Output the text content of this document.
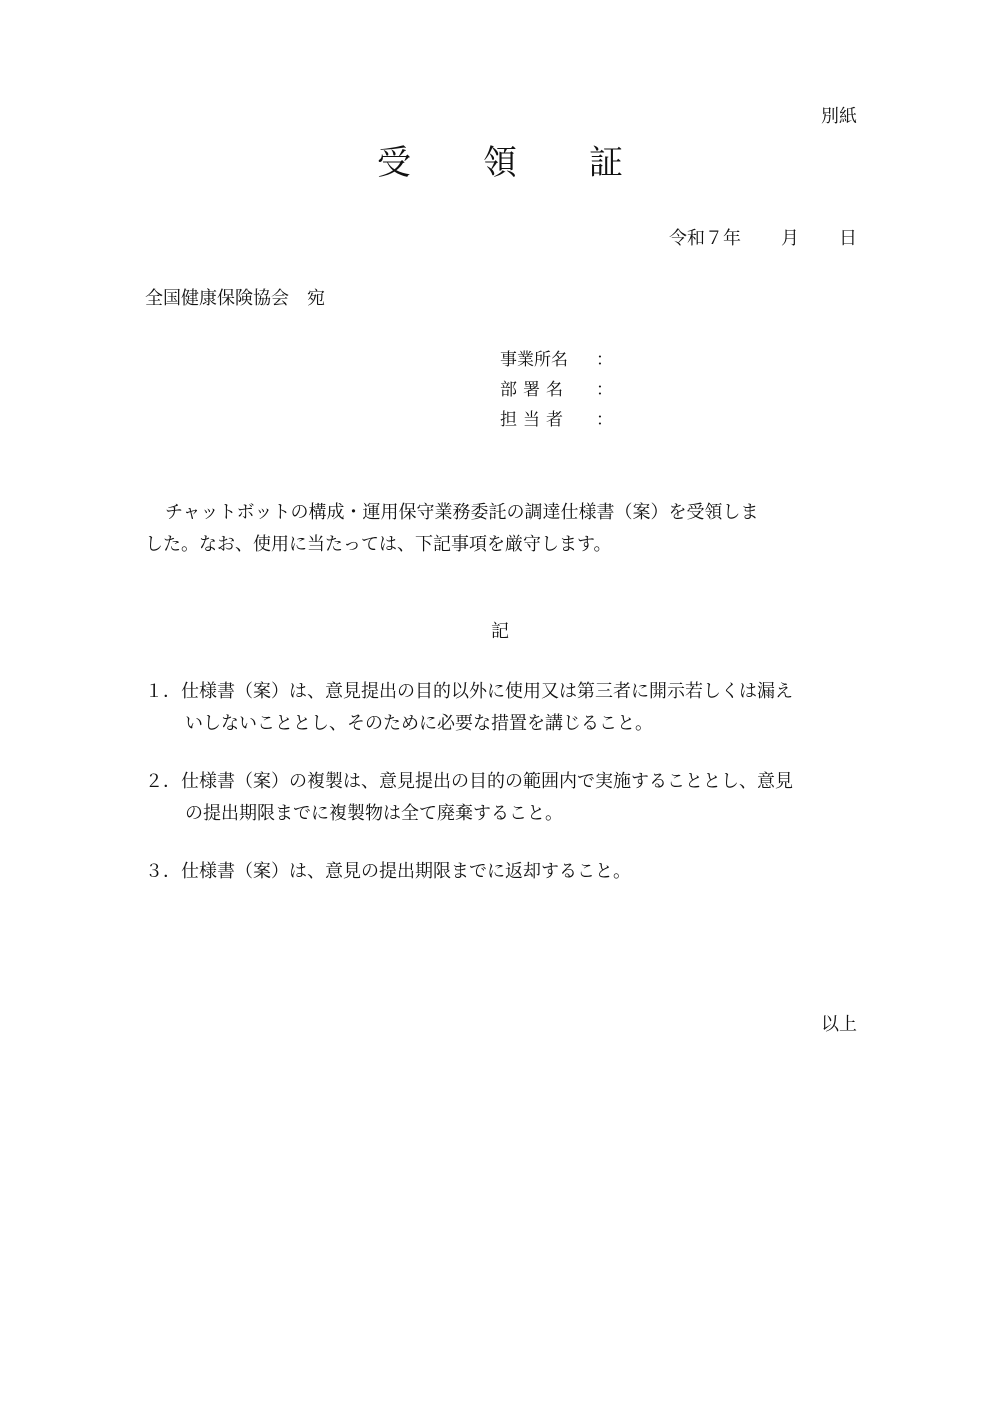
別紙
受 領 証
令和７年 月 日
全国健康保険協会　宛
事業所名	：
部署名	：
担当者	：
チャットボットの構成・運用保守業務委託の調達仕様書（案）を受領しま
した。なお、使用に当たっては、下記事項を厳守します。
記
１．仕様書（案）は、意見提出の目的以外に使用又は第三者に開示若しくは漏え
いしないこととし、そのために必要な措置を講じること。
２．仕様書（案）の複製は、意見提出の目的の範囲内で実施することとし、意見
の提出期限までに複製物は全て廃棄すること。
３．仕様書（案）は、意見の提出期限までに返却すること。
以上
